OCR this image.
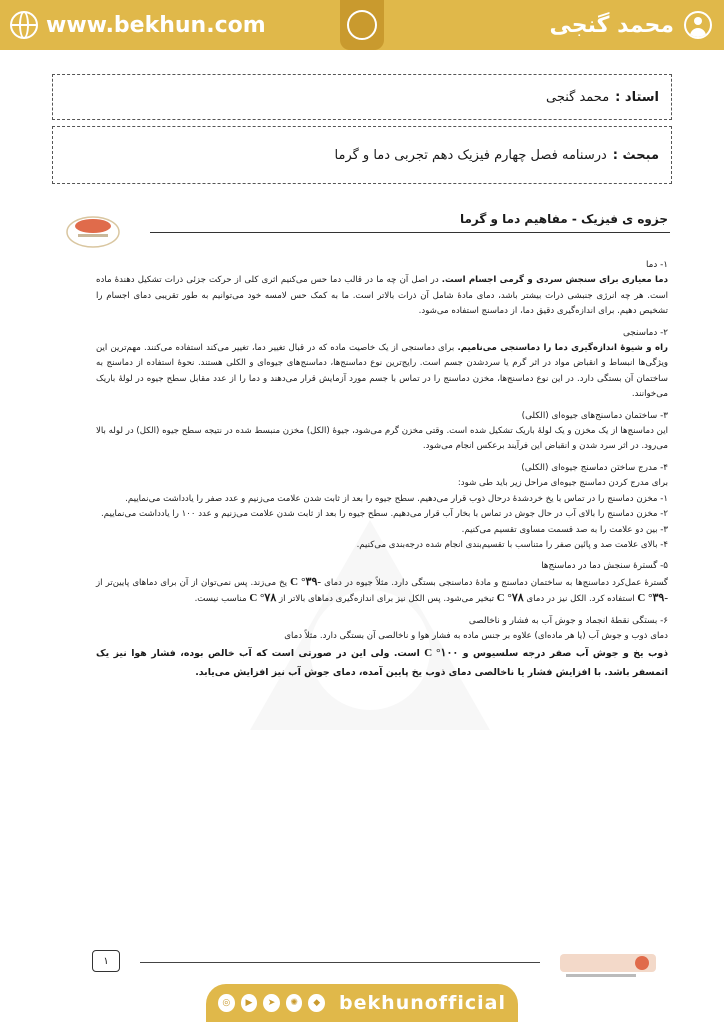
www.bekhun.com	محمد گنجی
استاد :
محمد گنجی
مبحث :
درسنامه فصل چهارم فیزیک دهم تجربی دما و گرما
جزوه ی فیزیک - مفاهیم دما و گرما
۱- دما
دما معیاری برای سنجش سردی و گرمی اجسام است. در اصل آن چه ما در قالب دما حس می‌کنیم اثری کلی از حرکت جزئی ذرات تشکیل دهندهٔ ماده است. هر چه انرژی جنبشی ذرات بیشتر باشد، دمای مادهٔ شامل آن ذرات بالاتر است. ما به کمک حس لامسه خود می‌توانیم به طور تقریبی دمای اجسام را تشخیص دهیم. برای اندازه‌گیری دقیق دما، از دماسنج استفاده می‌شود.
۲- دماسنجی
راه و شیوهٔ اندازه‌گیری دما را دماسنجی می‌نامیم. برای دماسنجی از یک خاصیت ماده که در قبال تغییر دما، تغییر می‌کند استفاده می‌کنند. مهم‌ترین این ویژگی‌ها انبساط و انقباض مواد در اثر گرم یا سردشدن جسم است. رایج‌ترین نوع دماسنج‌ها، دماسنج‌های جیوه‌ای و الکلی هستند. نحوهٔ استفاده از دماسنج به ساختمان آن بستگی دارد. در این نوع دماسنج‌ها، مخزن دماسنج را در تماس با جسم مورد آزمایش قرار می‌دهند و دما را از عدد مقابل سطح جیوه در لولهٔ باریک می‌خوانند.
۳- ساختمان دماسنج‌های جیوه‌ای (الکلی)
این دماسنج‌ها از یک مخزن و یک لولهٔ باریک تشکیل شده است. وقتی مخزن گرم می‌شود، جیوهٔ (الکل) مخزن منبسط شده در نتیجه سطح جیوه (الکل) در لوله بالا می‌رود. در اثر سرد شدن و انقباض این فرآیند برعکس انجام می‌شود.
۴- مدرج ساختن دماسنج جیوه‌ای (الکلی)
برای مدرج کردن دماسنج جیوه‌ای مراحل زیر باید طی شود:
۱- مخزن دماسنج را در تماس با یخ خردشدهٔ درحال ذوب قرار می‌دهیم. سطح جیوه را بعد از ثابت شدن علامت می‌زنیم و عدد صفر را یادداشت می‌نماییم.
۲- مخزن دماسنج را بالای آب در حال جوش در تماس با بخار آب قرار می‌دهیم. سطح جیوه را بعد از ثابت شدن علامت می‌زنیم و عدد ۱۰۰ را یادداشت می‌نماییم.
۳- بین دو علامت را به صد قسمت مساوی تقسیم می‌کنیم.
۴- بالای علامت صد و پائین صفر را متناسب با تقسیم‌بندی انجام شده درجه‌بندی می‌کنیم.
۵- گسترهٔ سنجش دما در دماسنج‌ها
گسترهٔ عمل‌کرد دماسنج‌ها به ساختمان دماسنج و مادهٔ دماسنجی بستگی دارد. مثلاً جیوه در دمای -۳۹° C یخ می‌زند. پس نمی‌توان از آن برای دماهای پایین‌تر از -۳۹° C استفاده کرد. الکل نیز در دمای ۷۸° C تبخیر می‌شود. پس الکل نیز برای اندازه‌گیری دماهای بالاتر از ۷۸° C مناسب نیست.
۶- بستگی نقطهٔ انجماد و جوش آب به فشار و ناخالصی
دمای ذوب و جوش آب (یا هر ماده‌ای) علاوه بر جنس ماده به فشار هوا و ناخالصی آن بستگی دارد. مثلاً دمای
ذوب یخ و جوش آب صفر درجه سلسیوس و ۱۰۰° C است. ولی این در صورتی است که آب خالص بوده، فشار هوا نیز یک اتمسفر باشد. با افزایش فشار یا ناخالصی دمای ذوب یخ پایین آمده، دمای جوش آب نیز افزایش می‌یابد.
۱
◎	▶	➤	✺	◆ bekhunofficial
